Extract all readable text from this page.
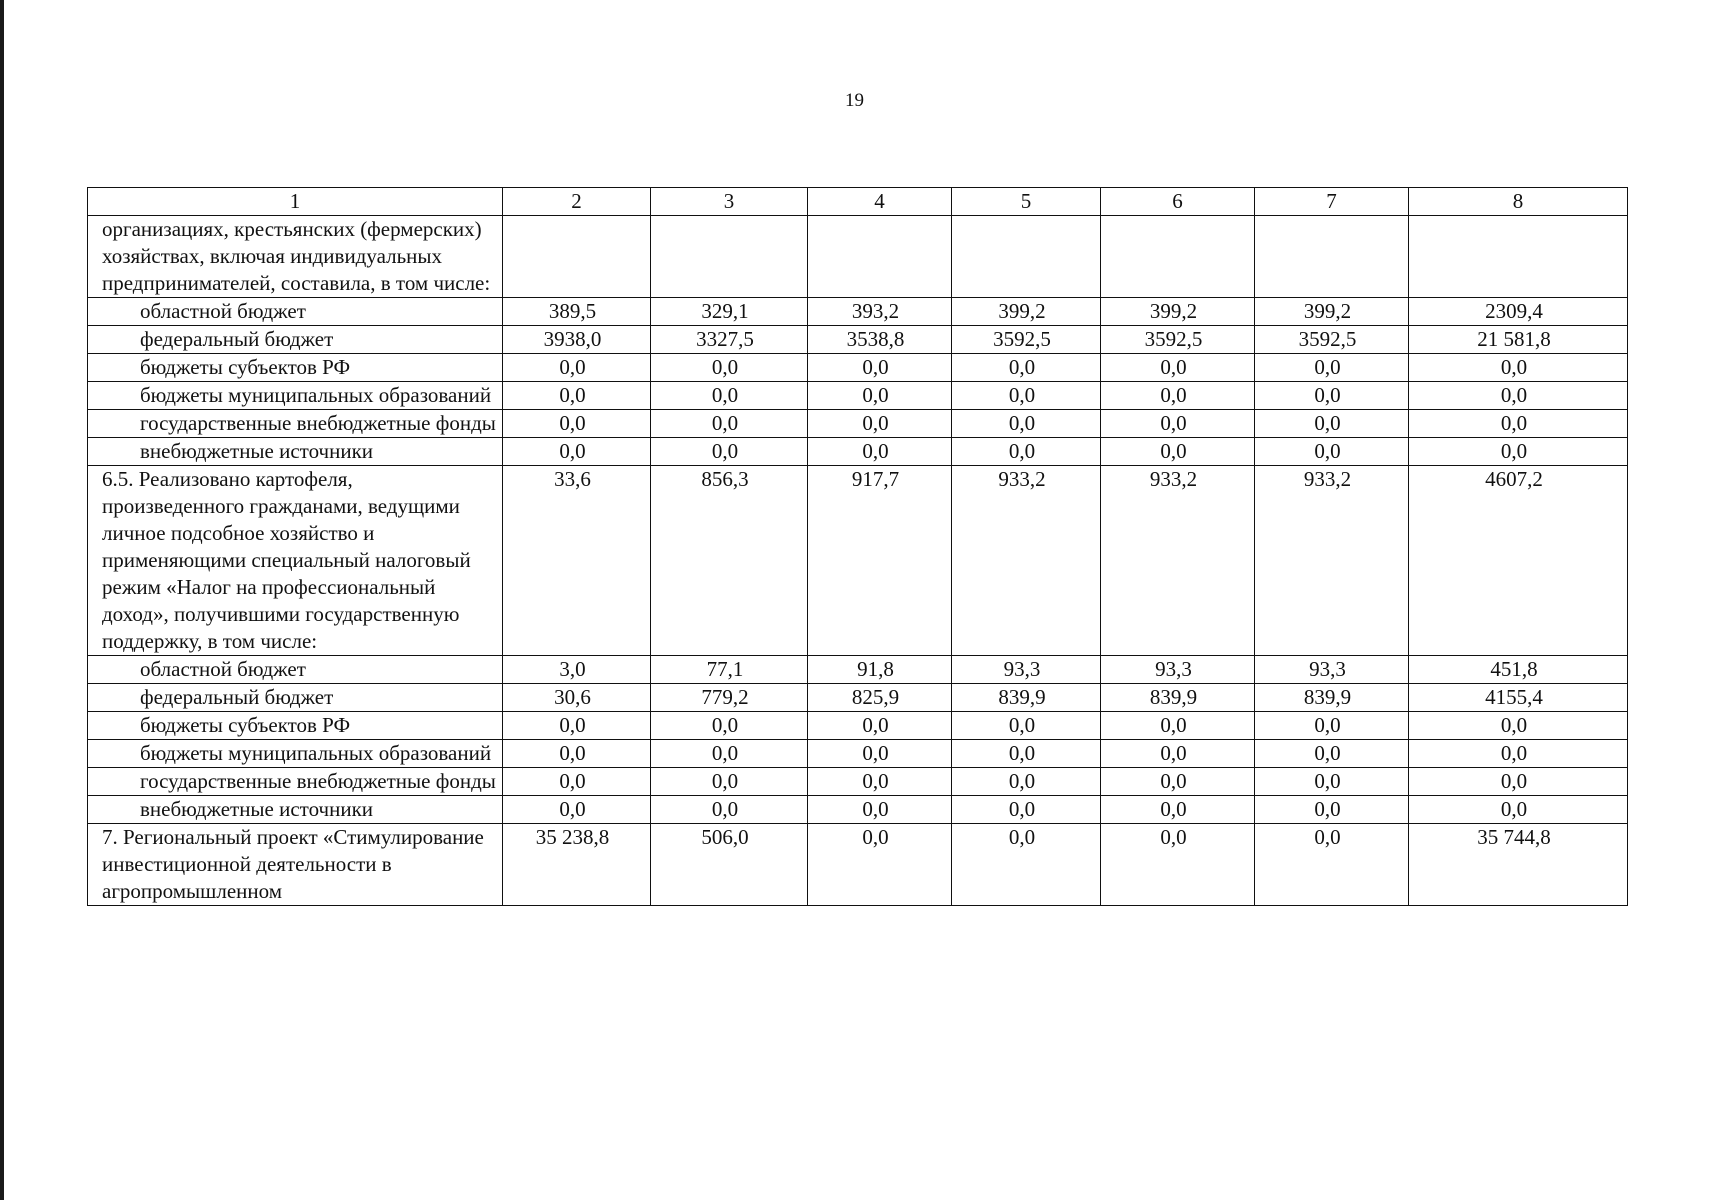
19
1	2	3	4	5	6	7	8
организациях, крестьянских (фермерских) хозяйствах, включая индивидуальных предпринимателей, составила, в том числе:							
областной бюджет	389,5	329,1	393,2	399,2	399,2	399,2	2309,4
федеральный бюджет	3938,0	3327,5	3538,8	3592,5	3592,5	3592,5	21 581,8
бюджеты субъектов РФ	0,0	0,0	0,0	0,0	0,0	0,0	0,0
бюджеты муниципальных образований	0,0	0,0	0,0	0,0	0,0	0,0	0,0
государственные внебюджетные фонды	0,0	0,0	0,0	0,0	0,0	0,0	0,0
внебюджетные источники	0,0	0,0	0,0	0,0	0,0	0,0	0,0
6.5. Реализовано картофеля, произведенного гражданами, ведущими личное подсобное хозяйство и применяющими специальный налоговый режим «Налог на профессиональный доход», получившими государственную поддержку, в том числе:	33,6	856,3	917,7	933,2	933,2	933,2	4607,2
областной бюджет	3,0	77,1	91,8	93,3	93,3	93,3	451,8
федеральный бюджет	30,6	779,2	825,9	839,9	839,9	839,9	4155,4
бюджеты субъектов РФ	0,0	0,0	0,0	0,0	0,0	0,0	0,0
бюджеты муниципальных образований	0,0	0,0	0,0	0,0	0,0	0,0	0,0
государственные внебюджетные фонды	0,0	0,0	0,0	0,0	0,0	0,0	0,0
внебюджетные источники	0,0	0,0	0,0	0,0	0,0	0,0	0,0
7. Региональный проект «Стимулирование инвестиционной деятельности в агропромышленном	35 238,8	506,0	0,0	0,0	0,0	0,0	35 744,8
